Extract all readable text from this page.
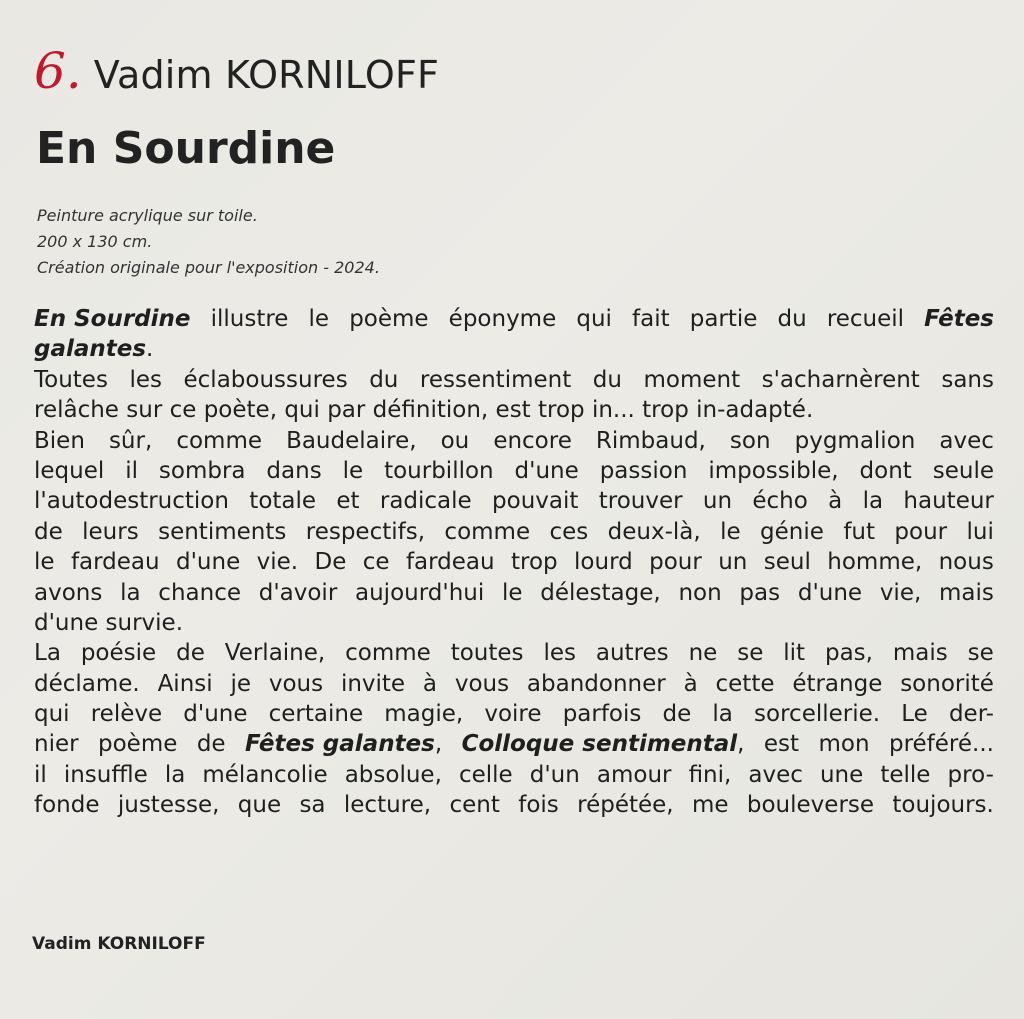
6. Vadim KORNILOFF
En Sourdine
Peinture acrylique sur toile.
200 x 130 cm.
Création originale pour l'exposition - 2024.
En Sourdine illustre le poème éponyme qui fait partie du recueil Fêtes
galantes.
Toutes les éclaboussures du ressentiment du moment s'acharnèrent sans
relâche sur ce poète, qui par définition, est trop in... trop in-adapté.
Bien sûr, comme Baudelaire, ou encore Rimbaud, son pygmalion avec
lequel il sombra dans le tourbillon d'une passion impossible, dont seule
l'autodestruction totale et radicale pouvait trouver un écho à la hauteur
de leurs sentiments respectifs, comme ces deux-là, le génie fut pour lui
le fardeau d'une vie. De ce fardeau trop lourd pour un seul homme, nous
avons la chance d'avoir aujourd'hui le délestage, non pas d'une vie, mais
d'une survie.
La poésie de Verlaine, comme toutes les autres ne se lit pas, mais se
déclame. Ainsi je vous invite à vous abandonner à cette étrange sonorité
qui relève d'une certaine magie, voire parfois de la sorcellerie. Le der-
nier poème de Fêtes galantes, Colloque sentimental, est mon préféré...
il insuffle la mélancolie absolue, celle d'un amour fini, avec une telle pro-
fonde justesse, que sa lecture, cent fois répétée, me bouleverse toujours.
Vadim KORNILOFF
